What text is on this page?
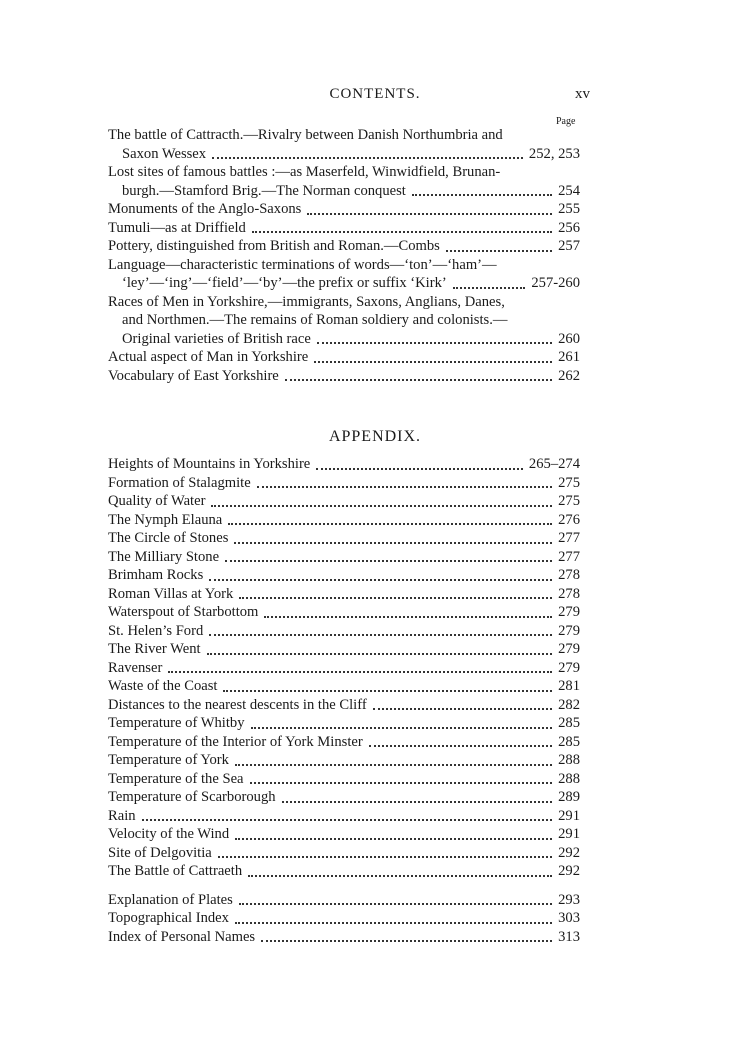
CONTENTS.	xv
Page
The battle of Cattracth.—Rivalry between Danish Northumbria and
Saxon Wessex	252, 253
Lost sites of famous battles :—as Maserfeld, Winwidfield, Brunan-
burgh.—Stamford Brig.—The Norman conquest	254
Monuments of the Anglo-Saxons	255
Tumuli—as at Driffield	256
Pottery, distinguished from British and Roman.—Combs	257
Language—characteristic terminations of words—‘ton’—‘ham’—
‘ley’—‘ing’—‘field’—‘by’—the prefix or suffix ‘Kirk’	257-260
Races of Men in Yorkshire,—immigrants, Saxons, Anglians, Danes,
and Northmen.—The remains of Roman soldiery and colonists.—
Original varieties of British race	260
Actual aspect of Man in Yorkshire	261
Vocabulary of East Yorkshire	262
APPENDIX.
Heights of Mountains in Yorkshire	265–274
Formation of Stalagmite	275
Quality of Water	275
The Nymph Elauna	276
The Circle of Stones	277
The Milliary Stone	277
Brimham Rocks	278
Roman Villas at York	278
Waterspout of Starbottom	279
St. Helen’s Ford	279
The River Went	279
Ravenser	279
Waste of the Coast	281
Distances to the nearest descents in the Cliff	282
Temperature of Whitby	285
Temperature of the Interior of York Minster	285
Temperature of York	288
Temperature of the Sea	288
Temperature of Scarborough	289
Rain	291
Velocity of the Wind	291
Site of Delgovitia	292
The Battle of Cattraeth	292
Explanation of Plates	293
Topographical Index	303
Index of Personal Names	313
